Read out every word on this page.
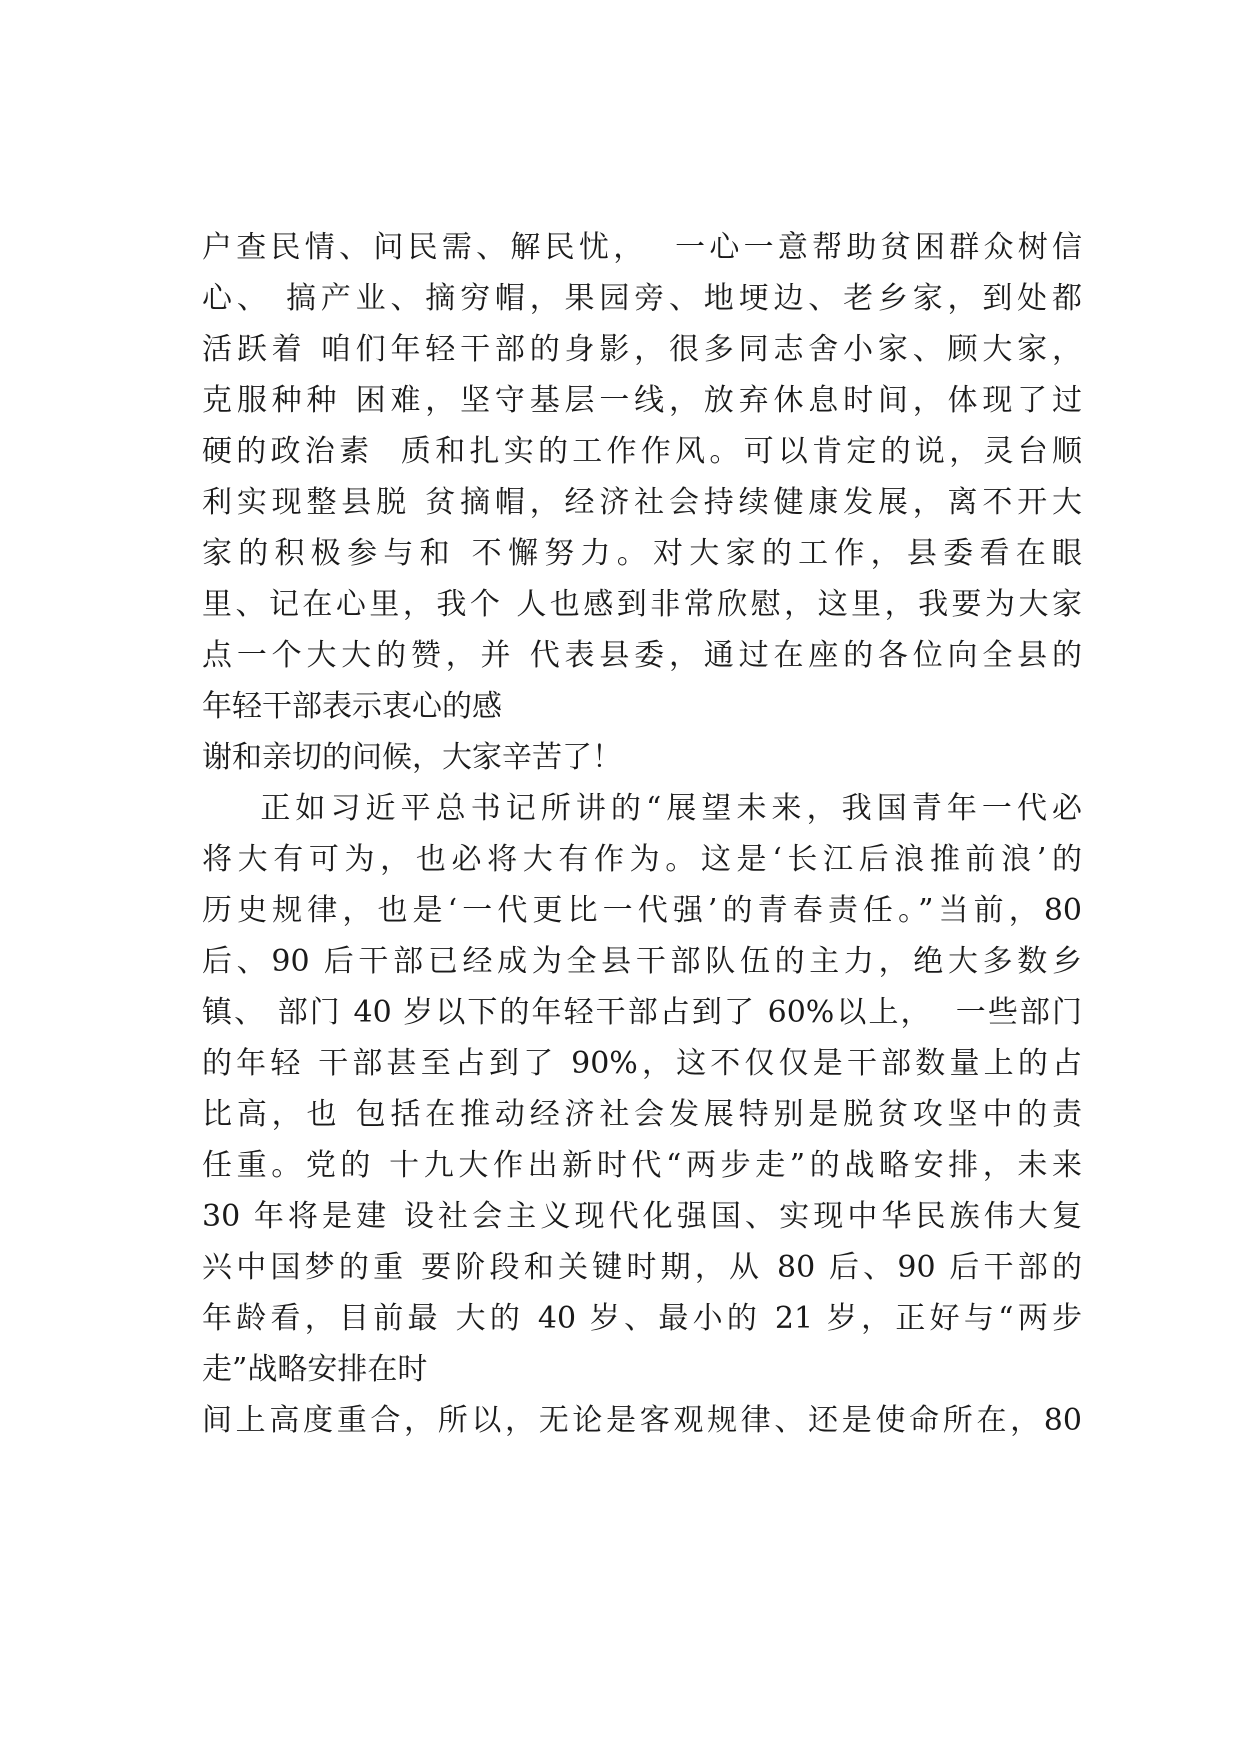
户查民情、问民需、解民忧，  一心一意帮助贫困群众树信
心、 搞产业、摘穷帽，果园旁、地埂边、老乡家，到处都
活跃着 咱们年轻干部的身影，很多同志舍小家、顾大家，
克服种种 困难，坚守基层一线，放弃休息时间，体现了过
硬的政治素  质和扎实的工作作风。可以肯定的说，灵台顺
利实现整县脱 贫摘帽，经济社会持续健康发展，离不开大
家的积极参与和 不懈努力。对大家的工作，县委看在眼
里、记在心里，我个 人也感到非常欣慰，这里，我要为大家
点一个大大的赞，并 代表县委，通过在座的各位向全县的
年轻干部表示衷心的感
谢和亲切的问候，大家辛苦了！
正如习近平总书记所讲的“展望未来，我国青年一代必
将大有可为，也必将大有作为。这是‘长江后浪推前浪’的
历史规律，也是‘一代更比一代强’的青春责任。”当前，80
后、90 后干部已经成为全县干部队伍的主力，绝大多数乡
镇、 部门 40 岁以下的年轻干部占到了 60%以上，  一些部门
的年轻 干部甚至占到了 90%，这不仅仅是干部数量上的占
比高，也 包括在推动经济社会发展特别是脱贫攻坚中的责
任重。党的 十九大作出新时代“两步走”的战略安排，未来
30 年将是建 设社会主义现代化强国、实现中华民族伟大复
兴中国梦的重 要阶段和关键时期，从 80 后、90 后干部的
年龄看，目前最 大的 40 岁、最小的 21 岁，正好与“两步
走”战略安排在时
间上高度重合，所以，无论是客观规律、还是使命所在，80
